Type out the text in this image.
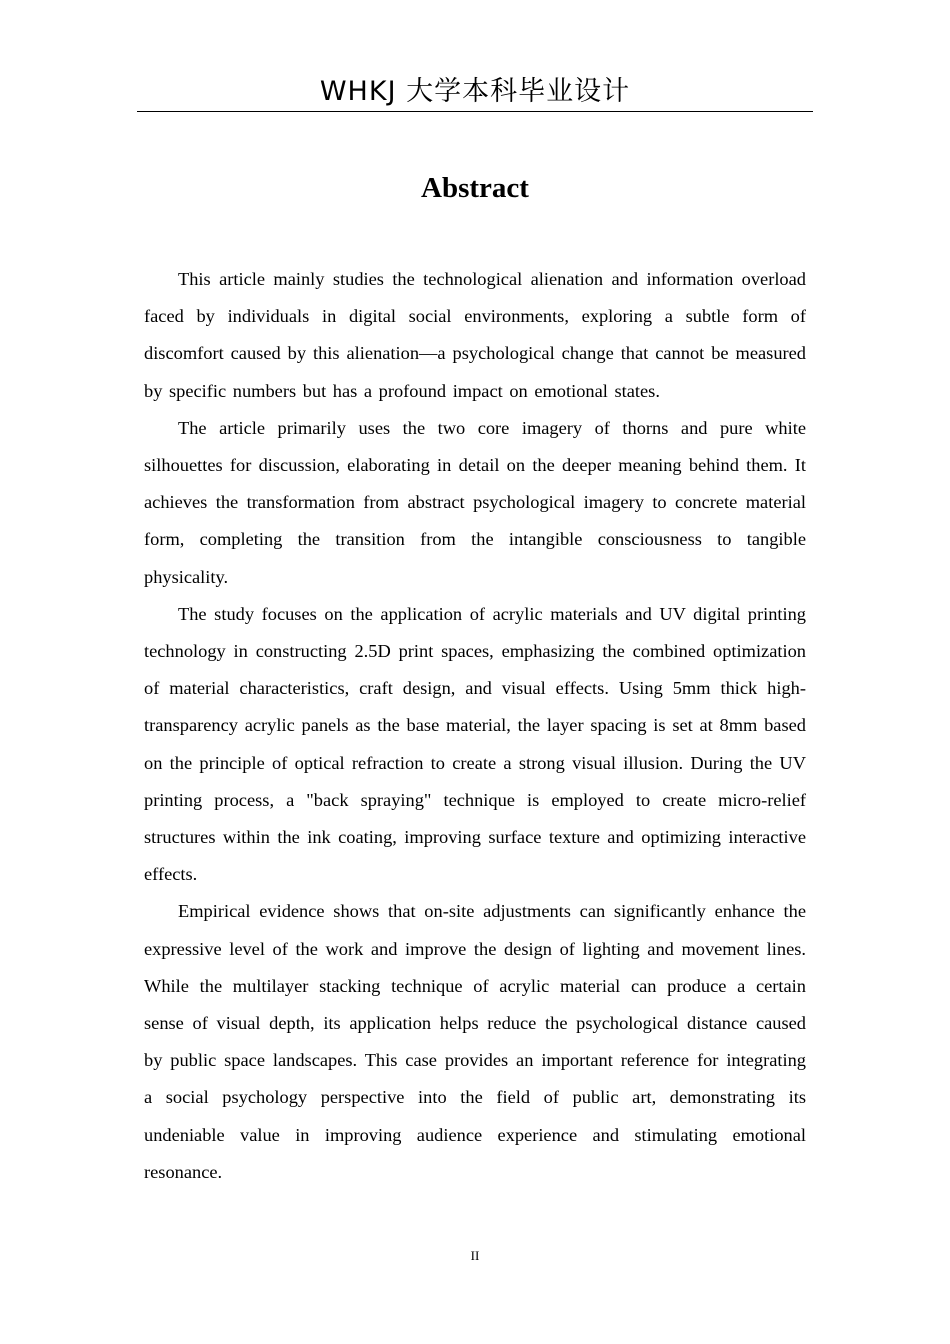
WHKJ 大学本科毕业设计
Abstract

This article mainly studies the technological alienation and information overload faced by individuals in digital social environments, exploring a subtle form of discomfort caused by this alienation—a psychological change that cannot be measured by specific numbers but has a profound impact on emotional states.

The article primarily uses the two core imagery of thorns and pure white silhouettes for discussion, elaborating in detail on the deeper meaning behind them. It achieves the transformation from abstract psychological imagery to concrete material form, completing the transition from the intangible consciousness to tangible physicality.

The study focuses on the application of acrylic materials and UV digital printing technology in constructing 2.5D print spaces, emphasizing the combined optimization of material characteristics, craft design, and visual effects. Using 5mm thick high-transparency acrylic panels as the base material, the layer spacing is set at 8mm based on the principle of optical refraction to create a strong visual illusion. During the UV printing process, a "back spraying" technique is employed to create micro-relief structures within the ink coating, improving surface texture and optimizing interactive effects.

Empirical evidence shows that on-site adjustments can significantly enhance the expressive level of the work and improve the design of lighting and movement lines. While the multilayer stacking technique of acrylic material can produce a certain sense of visual depth, its application helps reduce the psychological distance caused by public space landscapes. This case provides an important reference for integrating a social psychology perspective into the field of public art, demonstrating its undeniable value in improving audience experience and stimulating emotional resonance.

II
